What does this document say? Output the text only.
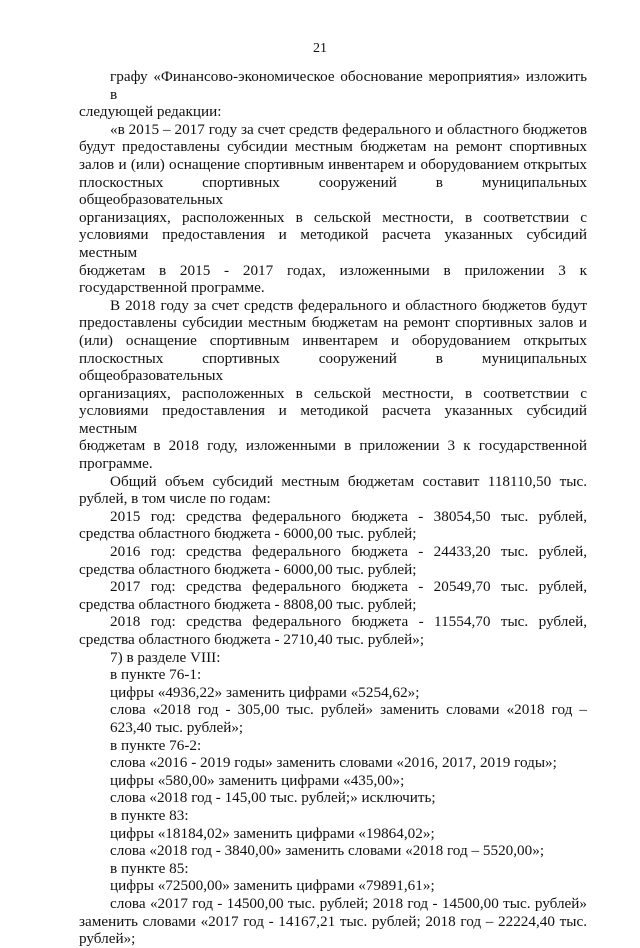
21
графу «Финансово-экономическое обоснование мероприятия» изложить в
следующей редакции:
«в 2015 – 2017 году за счет средств федерального и областного бюджетов
будут предоставлены субсидии местным бюджетам на ремонт спортивных
залов и (или) оснащение спортивным инвентарем и оборудованием открытых
плоскостных спортивных сооружений в муниципальных общеобразовательных
организациях, расположенных в сельской местности, в соответствии с
условиями предоставления и методикой расчета указанных субсидий местным
бюджетам в 2015 - 2017 годах, изложенными в приложении 3 к
государственной программе.
В 2018 году за счет средств федерального и областного бюджетов будут
предоставлены субсидии местным бюджетам на ремонт спортивных залов и
(или) оснащение спортивным инвентарем и оборудованием открытых
плоскостных спортивных сооружений в муниципальных общеобразовательных
организациях, расположенных в сельской местности, в соответствии с
условиями предоставления и методикой расчета указанных субсидий местным
бюджетам в 2018 году, изложенными в приложении 3 к государственной
программе.
Общий объем субсидий местным бюджетам составит 118110,50 тыс.
рублей, в том числе по годам:
2015 год: средства федерального бюджета - 38054,50 тыс. рублей,
средства областного бюджета - 6000,00 тыс. рублей;
2016 год: средства федерального бюджета - 24433,20 тыс. рублей,
средства областного бюджета - 6000,00 тыс. рублей;
2017 год: средства федерального бюджета - 20549,70 тыс. рублей,
средства областного бюджета - 8808,00 тыс. рублей;
2018 год: средства федерального бюджета - 11554,70 тыс. рублей,
средства областного бюджета - 2710,40 тыс. рублей»;
7) в разделе VIII:
в пункте 76-1:
цифры «4936,22» заменить цифрами «5254,62»;
слова «2018 год - 305,00 тыс. рублей» заменить словами «2018 год –
623,40 тыс. рублей»;
в пункте 76-2:
слова «2016 - 2019 годы» заменить словами «2016, 2017, 2019 годы»;
цифры «580,00» заменить цифрами «435,00»;
слова «2018 год - 145,00 тыс. рублей;» исключить;
в пункте 83:
цифры «18184,02» заменить цифрами «19864,02»;
слова «2018 год - 3840,00» заменить словами «2018 год – 5520,00»;
в пункте 85:
цифры «72500,00» заменить цифрами «79891,61»;
слова «2017 год - 14500,00 тыс. рублей; 2018 год - 14500,00 тыс. рублей»
заменить словами «2017 год - 14167,21 тыс. рублей; 2018 год – 22224,40 тыс.
рублей»;
